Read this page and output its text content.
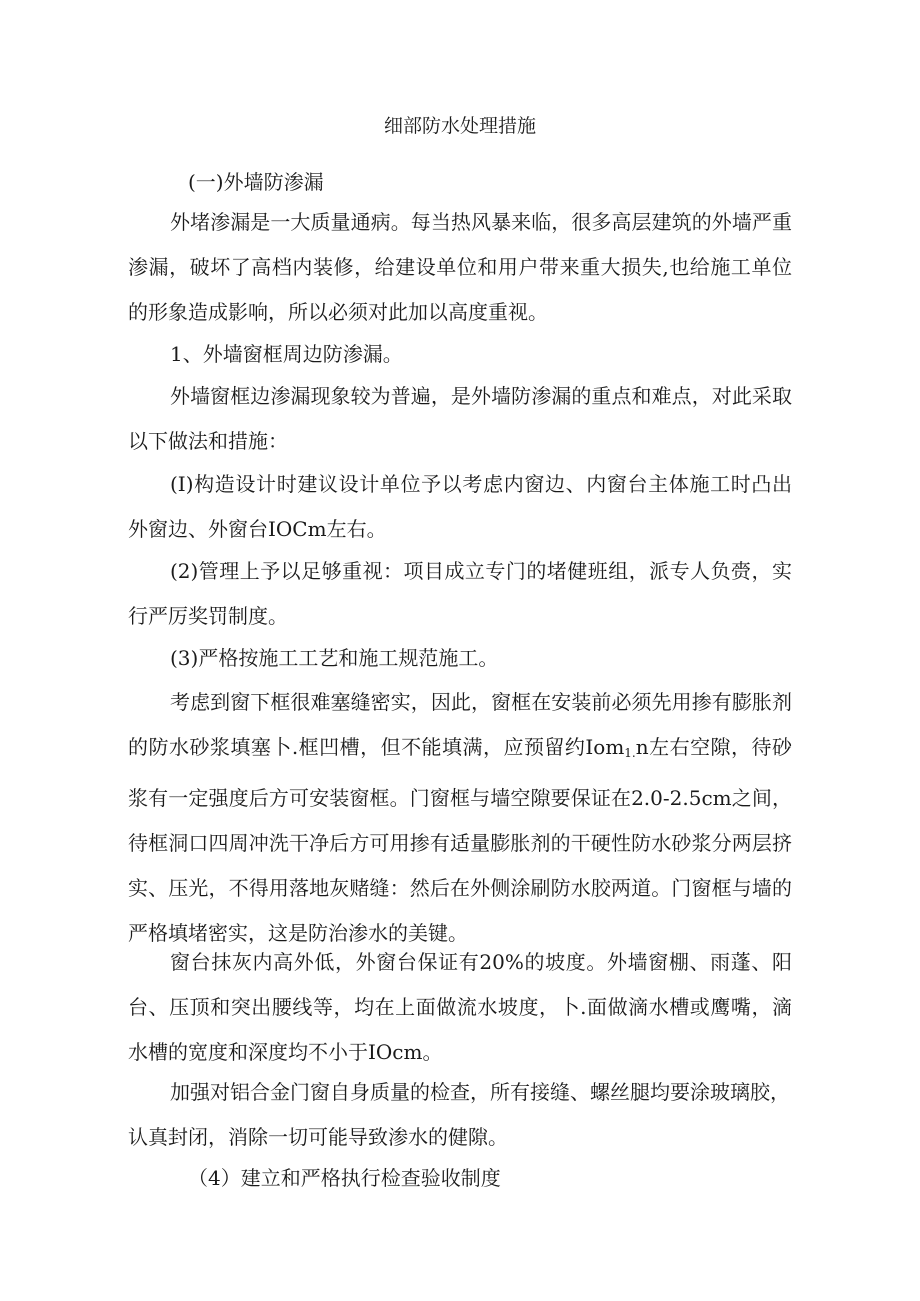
细部防水处理措施
(一)外墙防渗漏
外堵渗漏是一大质量通病。每当热风暴来临，很多高层建筑的外墙严重渗漏，破坏了高档内装修，给建设单位和用户带来重大损失,也给施工单位的形象造成影响，所以必须对此加以高度重视。
1、外墙窗框周边防渗漏。
外墙窗框边渗漏现象较为普遍，是外墙防渗漏的重点和难点，对此采取以下做法和措施：
(I)构造设计时建议设计单位予以考虑内窗边、内窗台主体施工时凸出外窗边、外窗台IOCm左右。
(2)管理上予以足够重视：项目成立专门的堵健班组，派专人负赍，实行严厉奖罚制度。
(3)严格按施工工艺和施工规范施工。
考虑到窗下框很难塞缝密实，因此，窗框在安装前必须先用掺有膨胀剂的防水砂浆填塞卜.框凹槽，但不能填满，应预留约Iom$_{1.}$n左右空隙，待砂浆有一定强度后方可安装窗框。门窗框与墙空隙要保证在2.0-2.5cm之间，待框洞口四周冲洗干净后方可用掺有适量膨胀剂的干硬性防水砂浆分两层挤实、压光，不得用落地灰赌缝：然后在外侧涂刷防水胶两道。门窗框与墙的严格填堵密实，这是防治渗水的美键。
窗台抹灰内高外低，外窗台保证有20%的坡度。外墙窗棚、雨蓬、阳台、压顶和突出腰线等，均在上面做流水坡度，卜.面做滴水槽或鹰嘴，滴水槽的宽度和深度均不小于IOcm。
加强对铝合金门窗自身质量的检查，所有接缝、螺丝腿均要涂玻璃胶，认真封闭，消除一切可能导致渗水的健隙。
（4）建立和严格执行检查验收制度
